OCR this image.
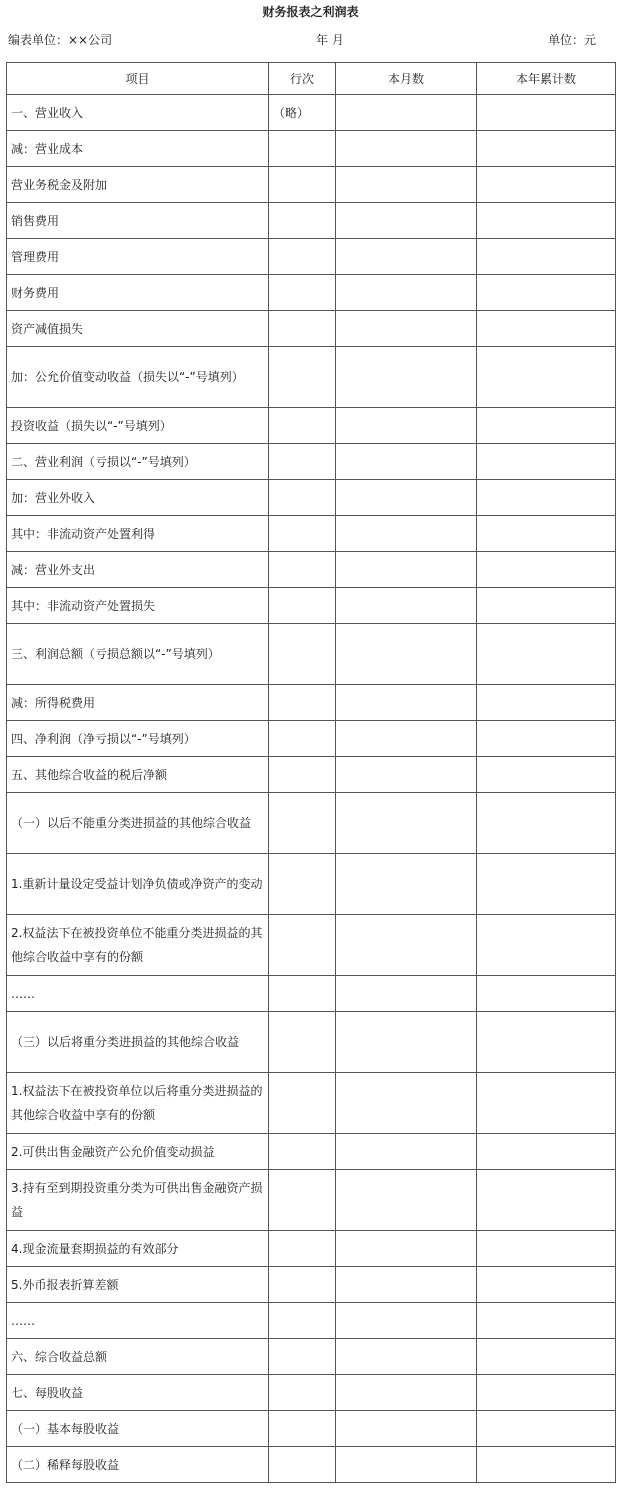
财务报表之利润表
编表单位：××公司	年 月	单位：元
项目	行次	本月数	本年累计数
一、营业收入	（略）		
减：营业成本			
营业务税金及附加			
销售费用			
管理费用			
财务费用			
资产减值损失			
加：公允价值变动收益（损失以“-”号填列）			
投资收益（损失以“-”号填列）			
二、营业利润（亏损以“-”号填列）			
加：营业外收入			
其中：非流动资产处置利得			
减：营业外支出			
其中：非流动资产处置损失			
三、利润总额（亏损总额以“-”号填列）			
减：所得税费用			
四、净利润（净亏损以“-”号填列）			
五、其他综合收益的税后净额			
（一）以后不能重分类进损益的其他综合收益			
1.重新计量设定受益计划净负债或净资产的变动			
2.权益法下在被投资单位不能重分类进损益的其他综合收益中享有的份额			
……			
（三）以后将重分类进损益的其他综合收益			
1.权益法下在被投资单位以后将重分类进损益的其他综合收益中享有的份额			
2.可供出售金融资产公允价值变动损益			
3.持有至到期投资重分类为可供出售金融资产损益			
4.现金流量套期损益的有效部分			
5.外币报表折算差额			
……			
六、综合收益总额			
七、每股收益			
（一）基本每股收益			
（二）稀释每股收益			
